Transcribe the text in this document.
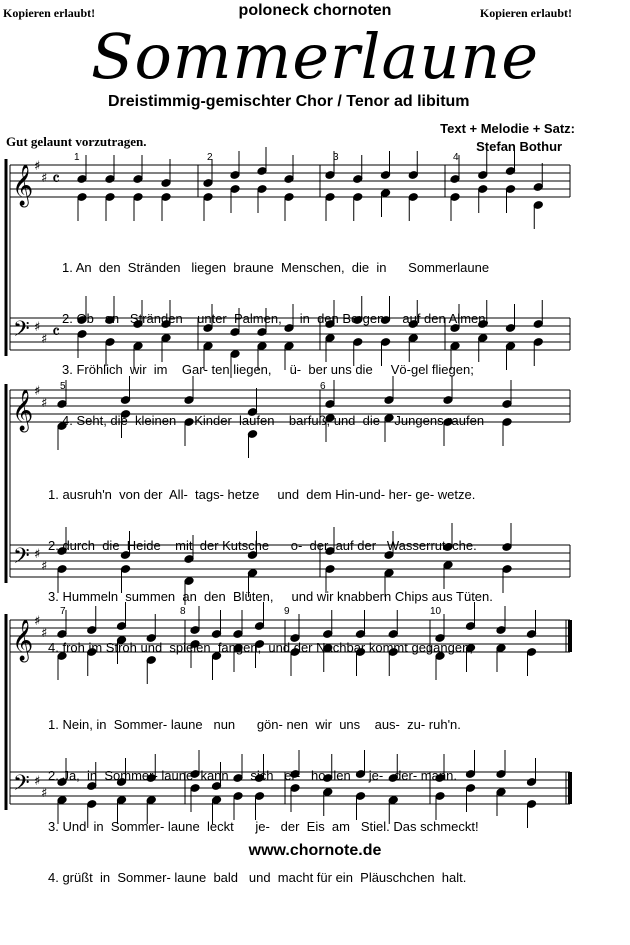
Kopieren erlaubt!	Kopieren erlaubt!
poloneck chornoten
Sommerlaune
Dreistimmig-gemischter Chor / Tenor ad libitum
Text + Melodie + Satz:
Stefan Bothur
Gut gelaunt vorzutragen.
𝄞
𝄢
♯
♯
♯
♯
𝄴
𝄴
𝄞
𝄢
♯
♯
♯
♯
𝄞
𝄢
♯
♯
♯
♯
1	2	3	4
5	6
7	8	9	10

1. An  den  Stränden   liegen  braune  Menschen,  die  in      Sommerlaune

2. Ob   an   Stränden    unter  Palmen,     in  den Bergen     auf den Almen,

3. Fröhlich  wir  im    Gar- ten liegen,     ü-  ber uns die     Vö-gel fliegen;

4. Seht, die  kleinen     Kinder  laufen    barfuß, und  die    Jungens raufen

1. ausruh'n  von der  All-  tags- hetze     und  dem Hin-und- her- ge- wetze.

2. durch  die  Heide    mit  der Kutsche      o-  der  auf der   Wasserrutsche.

3. Hummeln  summen  an  den  Blüten,     und wir knabbern Chips aus Tüten.

4. froh im Stroh und  spielen  fangen,  und der Nachbar kommt gegangen,

1. Nein, in  Sommer- laune   nun      gön- nen  wir  uns    aus-  zu- ruh'n.

2. Ja,  in  Sommer- laune  kann      sich   er-   ho- len     je-   der- mann.

3. Und  in  Sommer- laune  leckt      je-   der  Eis  am   Stiel. Das schmeckt!

4. grüßt  in  Sommer- laune  bald   und  macht für ein  Pläuschchen  halt.

www.chornote.de
